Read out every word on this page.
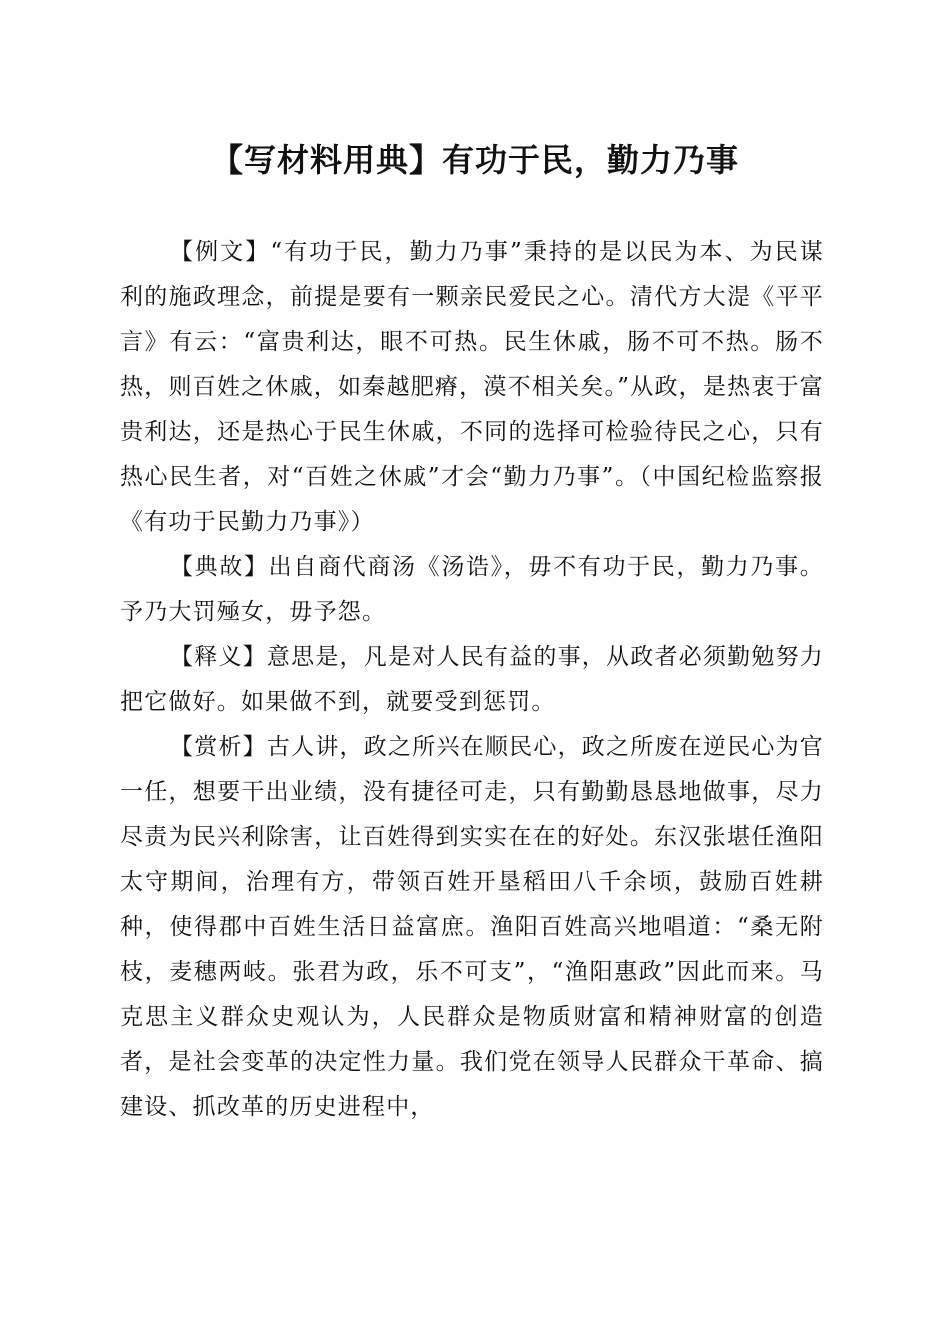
【写材料用典】有功于民，勤力乃事

【例文】“有功于民，勤力乃事”秉持的是以民为本、为民谋利的施政理念，前提是要有一颗亲民爱民之心。清代方大湜《平平言》有云：“富贵利达，眼不可热。民生休戚，肠不可不热。肠不热，则百姓之休戚，如秦越肥瘠，漠不相关矣。”从政，是热衷于富贵利达，还是热心于民生休戚，不同的选择可检验待民之心，只有热心民生者，对“百姓之休戚”才会“勤力乃事”。（中国纪检监察报《有功于民勤力乃事》）

【典故】出自商代商汤《汤诰》，毋不有功于民，勤力乃事。予乃大罚殛女，毋予怨。

【释义】意思是，凡是对人民有益的事，从政者必须勤勉努力把它做好。如果做不到，就要受到惩罚。

【赏析】古人讲，政之所兴在顺民心，政之所废在逆民心为官一任，想要干出业绩，没有捷径可走，只有勤勤恳恳地做事，尽力尽责为民兴利除害，让百姓得到实实在在的好处。东汉张堪任渔阳太守期间，治理有方，带领百姓开垦稻田八千余顷，鼓励百姓耕种，使得郡中百姓生活日益富庶。渔阳百姓高兴地唱道：“桑无附枝，麦穗两岐。张君为政，乐不可支”，“渔阳惠政”因此而来。马克思主义群众史观认为，人民群众是物质财富和精神财富的创造者，是社会变革的决定性力量。我们党在领导人民群众干革命、搞建设、抓改革的历史进程中，
